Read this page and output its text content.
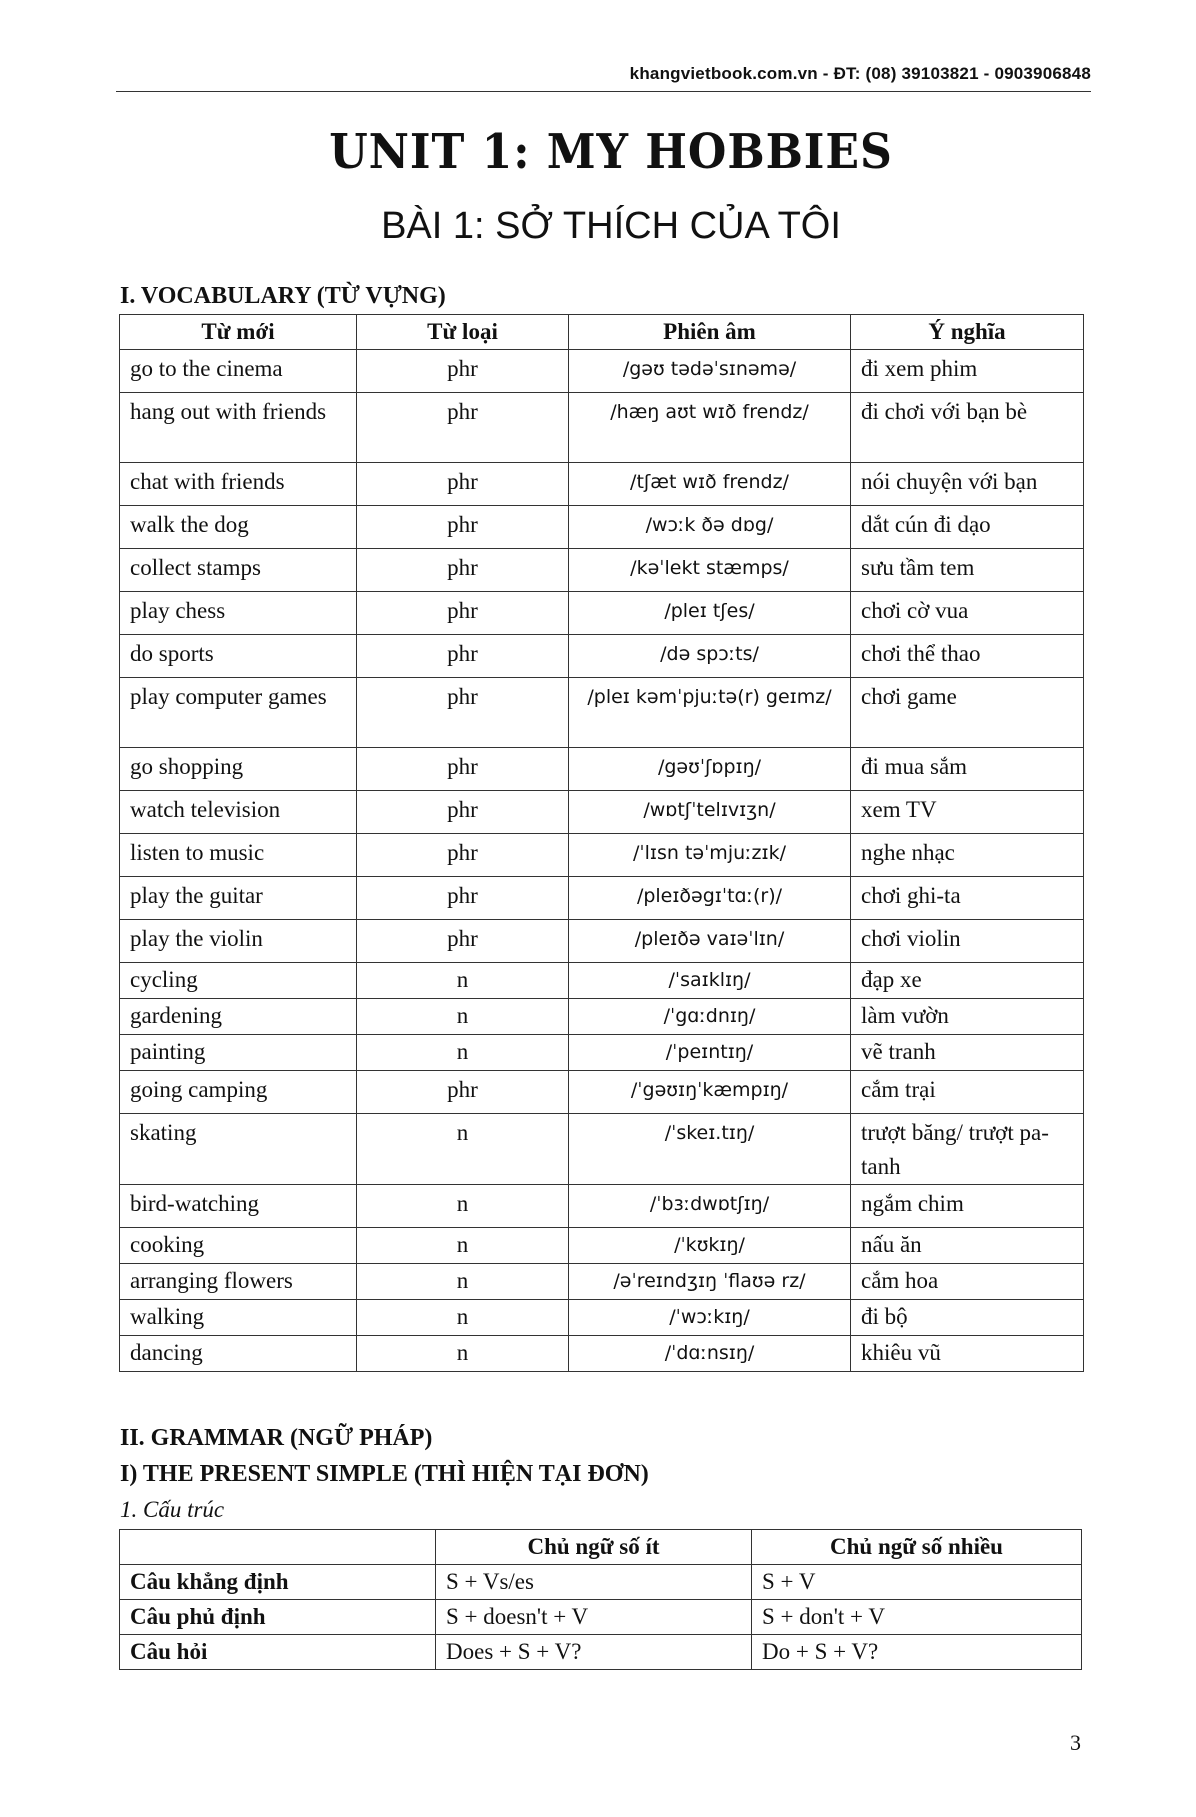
khangvietbook.com.vn - ĐT: (08) 39103821 - 0903906848
UNIT 1: MY HOBBIES
BÀI 1: SỞ THÍCH CỦA TÔI
I. VOCABULARY (TỪ VỰNG)
Từ mới	Từ loại	Phiên âm	Ý nghĩa
go to the cinema	phr	/gəʊ tədəˈsɪnəmə/	đi xem phim
hang out with friends	phr	/hæŋ aʊt wɪð frendz/	đi chơi với bạn bè
chat with friends	phr	/tʃæt wɪð frendz/	nói chuyện với bạn
walk the dog	phr	/wɔːk ðə dɒg/	dắt cún đi dạo
collect stamps	phr	/kəˈlekt stæmps/	sưu tầm tem
play chess	phr	/pleɪ tʃes/	chơi cờ vua
do sports	phr	/də spɔːts/	chơi thể thao
play computer games	phr	/pleɪ kəmˈpjuːtə(r) geɪmz/	chơi game
go shopping	phr	/gəʊˈʃɒpɪŋ/	đi mua sắm
watch television	phr	/wɒtʃˈtelɪvɪʒn/	xem TV
listen to music	phr	/ˈlɪsn təˈmjuːzɪk/	nghe nhạc
play the guitar	phr	/pleɪðəgɪˈtɑː(r)/	chơi ghi-ta
play the violin	phr	/pleɪðə vaɪəˈlɪn/	chơi violin
cycling	n	/ˈsaɪklɪŋ/	đạp xe
gardening	n	/ˈgɑːdnɪŋ/	làm vườn
painting	n	/ˈpeɪntɪŋ/	vẽ tranh
going camping	phr	/ˈgəʊɪŋˈkæmpɪŋ/	cắm trại
skating	n	/ˈskeɪ.tɪŋ/	trượt băng/ trượt pa-tanh
bird-watching	n	/ˈbɜːdwɒtʃɪŋ/	ngắm chim
cooking	n	/ˈkʊkɪŋ/	nấu ăn
arranging flowers	n	/əˈreɪndʒɪŋ ˈflaʊə rz/	cắm hoa
walking	n	/ˈwɔːkɪŋ/	đi bộ
dancing	n	/ˈdɑːnsɪŋ/	khiêu vũ
II. GRAMMAR (NGỮ PHÁP)
I) THE PRESENT SIMPLE (THÌ HIỆN TẠI ĐƠN)
1. Cấu trúc
	Chủ ngữ số ít	Chủ ngữ số nhiều
Câu khẳng định	S + Vs/es	S + V
Câu phủ định	S + doesn't + V	S + don't + V
Câu hỏi	Does + S + V?	Do + S + V?
3
